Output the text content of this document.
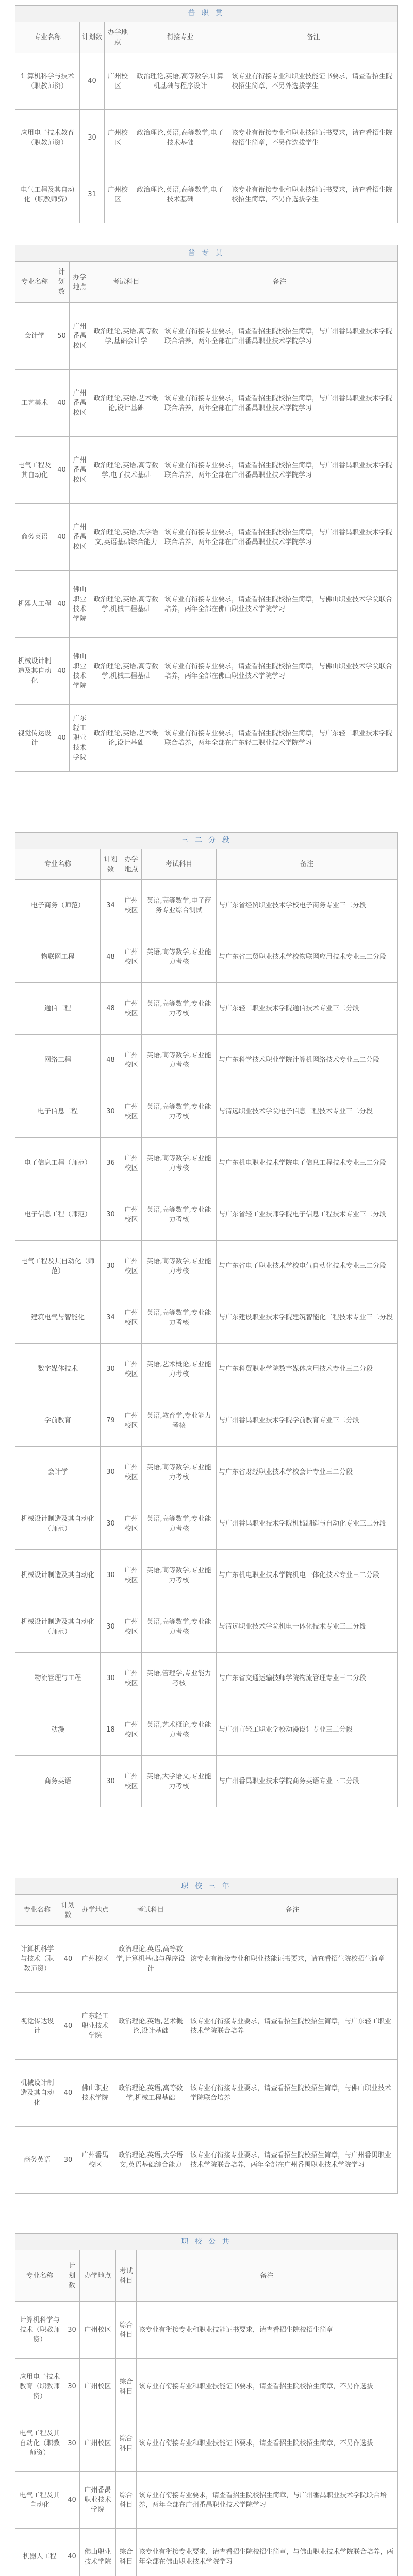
普 职 贯				
专业名称	计划数	办学地点	衔接专业	备注
计算机科学与技术（职教师资）	40	广州校区	政治理论,英语,高等数学,计算机基础与程序设计	该专业有衔接专业和职业技能证书要求，请查看招生院校招生简章，不另外选拔学生
应用电子技术教育（职教师资）	30	广州校区	政治理论,英语,高等数学,电子技术基础	该专业有衔接专业和职业技能证书要求，请查看招生院校招生简章，不另作选拔学生
电气工程及其自动化（职教师资）	31	广州校区	政治理论,英语,高等数学,电子技术基础	该专业有衔接专业和职业技能证书要求，请查看招生院校招生简章，不另作选拔学生
普 专 贯				
专业名称	计划数	办学地点	考试科目	备注
会计学	50	广州番禺校区	政治理论,英语,高等数学,基础会计学	该专业有衔接专业要求，请查看招生院校招生简章，与广州番禺职业技术学院联合培养，两年全部在广州番禺职业技术学院学习
工艺美术	40	广州番禺校区	政治理论,英语,艺术概论,设计基础	该专业有衔接专业要求，请查看招生院校招生简章，与广州番禺职业技术学院联合培养，两年全部在广州番禺职业技术学院学习
电气工程及其自动化	40	广州番禺校区	政治理论,英语,高等数学,电子技术基础	该专业有衔接专业要求，请查看招生院校招生简章，与广州番禺职业技术学院联合培养，两年全部在广州番禺职业技术学院学习
商务英语	40	广州番禺校区	政治理论,英语,大学语文,英语基础综合能力	该专业有衔接专业要求，请查看招生院校招生简章，与广州番禺职业技术学院联合培养，两年全部在广州番禺职业技术学院学习
机器人工程	40	佛山职业技术学院	政治理论,英语,高等数学,机械工程基础	该专业有衔接专业要求，请查看招生院校招生简章，与佛山职业技术学院联合培养，两年全部在佛山职业技术学院学习
机械设计制造及其自动化	40	佛山职业技术学院	政治理论,英语,高等数学,机械工程基础	该专业有衔接专业要求，请查看招生院校招生简章，与佛山职业技术学院联合培养，两年全部在佛山职业技术学院学习
视觉传达设计	40	广东轻工职业技术学院	政治理论,英语,艺术概论,设计基础	该专业有衔接专业要求，请查看招生院校招生简章，与广东轻工职业技术学院联合培养，两年全部在广东轻工职业技术学院学习
三 二 分 段				
专业名称	计划数	办学地点	考试科目	备注
电子商务（师范）	34	广州校区	英语,高等数学,电子商务专业综合测试	与广东省经贸职业技术学校电子商务专业三二分段
物联网工程	48	广州校区	英语,高等数学,专业能力考核	与广东省工贸职业技术学校物联网应用技术专业三二分段
通信工程	48	广州校区	英语,高等数学,专业能力考核	与广东轻工职业技术学院通信技术专业三二分段
网络工程	48	广州校区	英语,高等数学,专业能力考核	与广东科学技术职业学院计算机网络技术专业三二分段
电子信息工程	30	广州校区	英语,高等数学,专业能力考核	与清远职业技术学院电子信息工程技术专业三二分段
电子信息工程（师范）	36	广州校区	英语,高等数学,专业能力考核	与广东机电职业技术学院电子信息工程技术专业三二分段
电子信息工程（师范）	30	广州校区	英语,高等数学,专业能力考核	与广东省轻工业技师学院电子信息工程技术专业三二分段
电气工程及其自动化（师范）	30	广州校区	英语,高等数学,专业能力考核	与广东省电子职业技术学校电气自动化技术专业三二分段
建筑电气与智能化	34	广州校区	英语,高等数学,专业能力考核	与广东建设职业技术学院建筑智能化工程技术专业三二分段
数字媒体技术	30	广州校区	英语,艺术概论,专业能力考核	与广东科贸职业学院数字媒体应用技术专业三二分段
学前教育	79	广州校区	英语,教育学,专业能力考核	与广州番禺职业技术学院学前教育专业三二分段
会计学	30	广州校区	英语,高等数学,专业能力考核	与广东省财经职业技术学校会计专业三二分段
机械设计制造及其自动化（师范）	30	广州校区	英语,高等数学,专业能力考核	与广州番禺职业技术学院机械制造与自动化专业三二分段
机械设计制造及其自动化	30	广州校区	英语,高等数学,专业能力考核	与广东机电职业技术学院机电一体化技术专业三二分段
机械设计制造及其自动化（师范）	30	广州校区	英语,高等数学,专业能力考核	与清远职业技术学院机电一体化技术专业三二分段
物流管理与工程	30	广州校区	英语,管理学,专业能力考核	与广东省交通运输技师学院物流管理专业三二分段
动漫	18	广州校区	英语,艺术概论,专业能力考核	与广州市轻工职业学校动漫设计专业三二分段
商务英语	30	广州校区	英语,大学语文,专业能力考核	与广州番禺职业技术学院商务英语专业三二分段
职 校 三 年				
专业名称	计划数	办学地点	考试科目	备注
计算机科学与技术（职教师资）	40	广州校区	政治理论,英语,高等数学,计算机基础与程序设计	该专业有衔接专业和职业技能证书要求，请查看招生院校招生简章
视觉传达设计	40	广东轻工职业技术学院	政治理论,英语,艺术概论,设计基础	该专业有衔接专业要求，请查看招生院校招生简章，与广东轻工职业技术学院联合培养
机械设计制造及其自动化	40	佛山职业技术学院	政治理论,英语,高等数学,机械工程基础	该专业有衔接专业要求，请查看招生院校招生简章，与佛山职业技术学院联合培养
商务英语	30	广州番禺校区	政治理论,英语,大学语文,英语基础综合能力	该专业有衔接专业要求，请查看招生院校招生简章，与广州番禺职业技术学院联合培养，两年全部在广州番禺职业技术学院学习
职 校 公 共				
专业名称	计划数	办学地点	考试科目	备注
计算机科学与技术（职教师资）	30	广州校区	综合科目	该专业有衔接专业和职业技能证书要求，请查看招生院校招生简章
应用电子技术教育（职教师资）	30	广州校区	综合科目	该专业有衔接专业和职业技能证书要求，请查看招生院校招生简章，不另作选拔
电气工程及其自动化（职教师资）	30	广州校区	综合科目	该专业有衔接专业和职业技能证书要求，请查看招生院校招生简章，不另作选拔
电气工程及其自动化	40	广州番禺职业技术学院	综合科目	该专业有衔接专业要求，请查看招生院校招生简章，与广州番禺职业技术学院联合培养，两年全部在广州番禺职业技术学院学习
机器人工程	40	佛山职业技术学院	综合科目	该专业有衔接专业要求，请查看招生院校招生简章，与佛山职业技术学院联合培养，两年全部在佛山职业技术学院学习
